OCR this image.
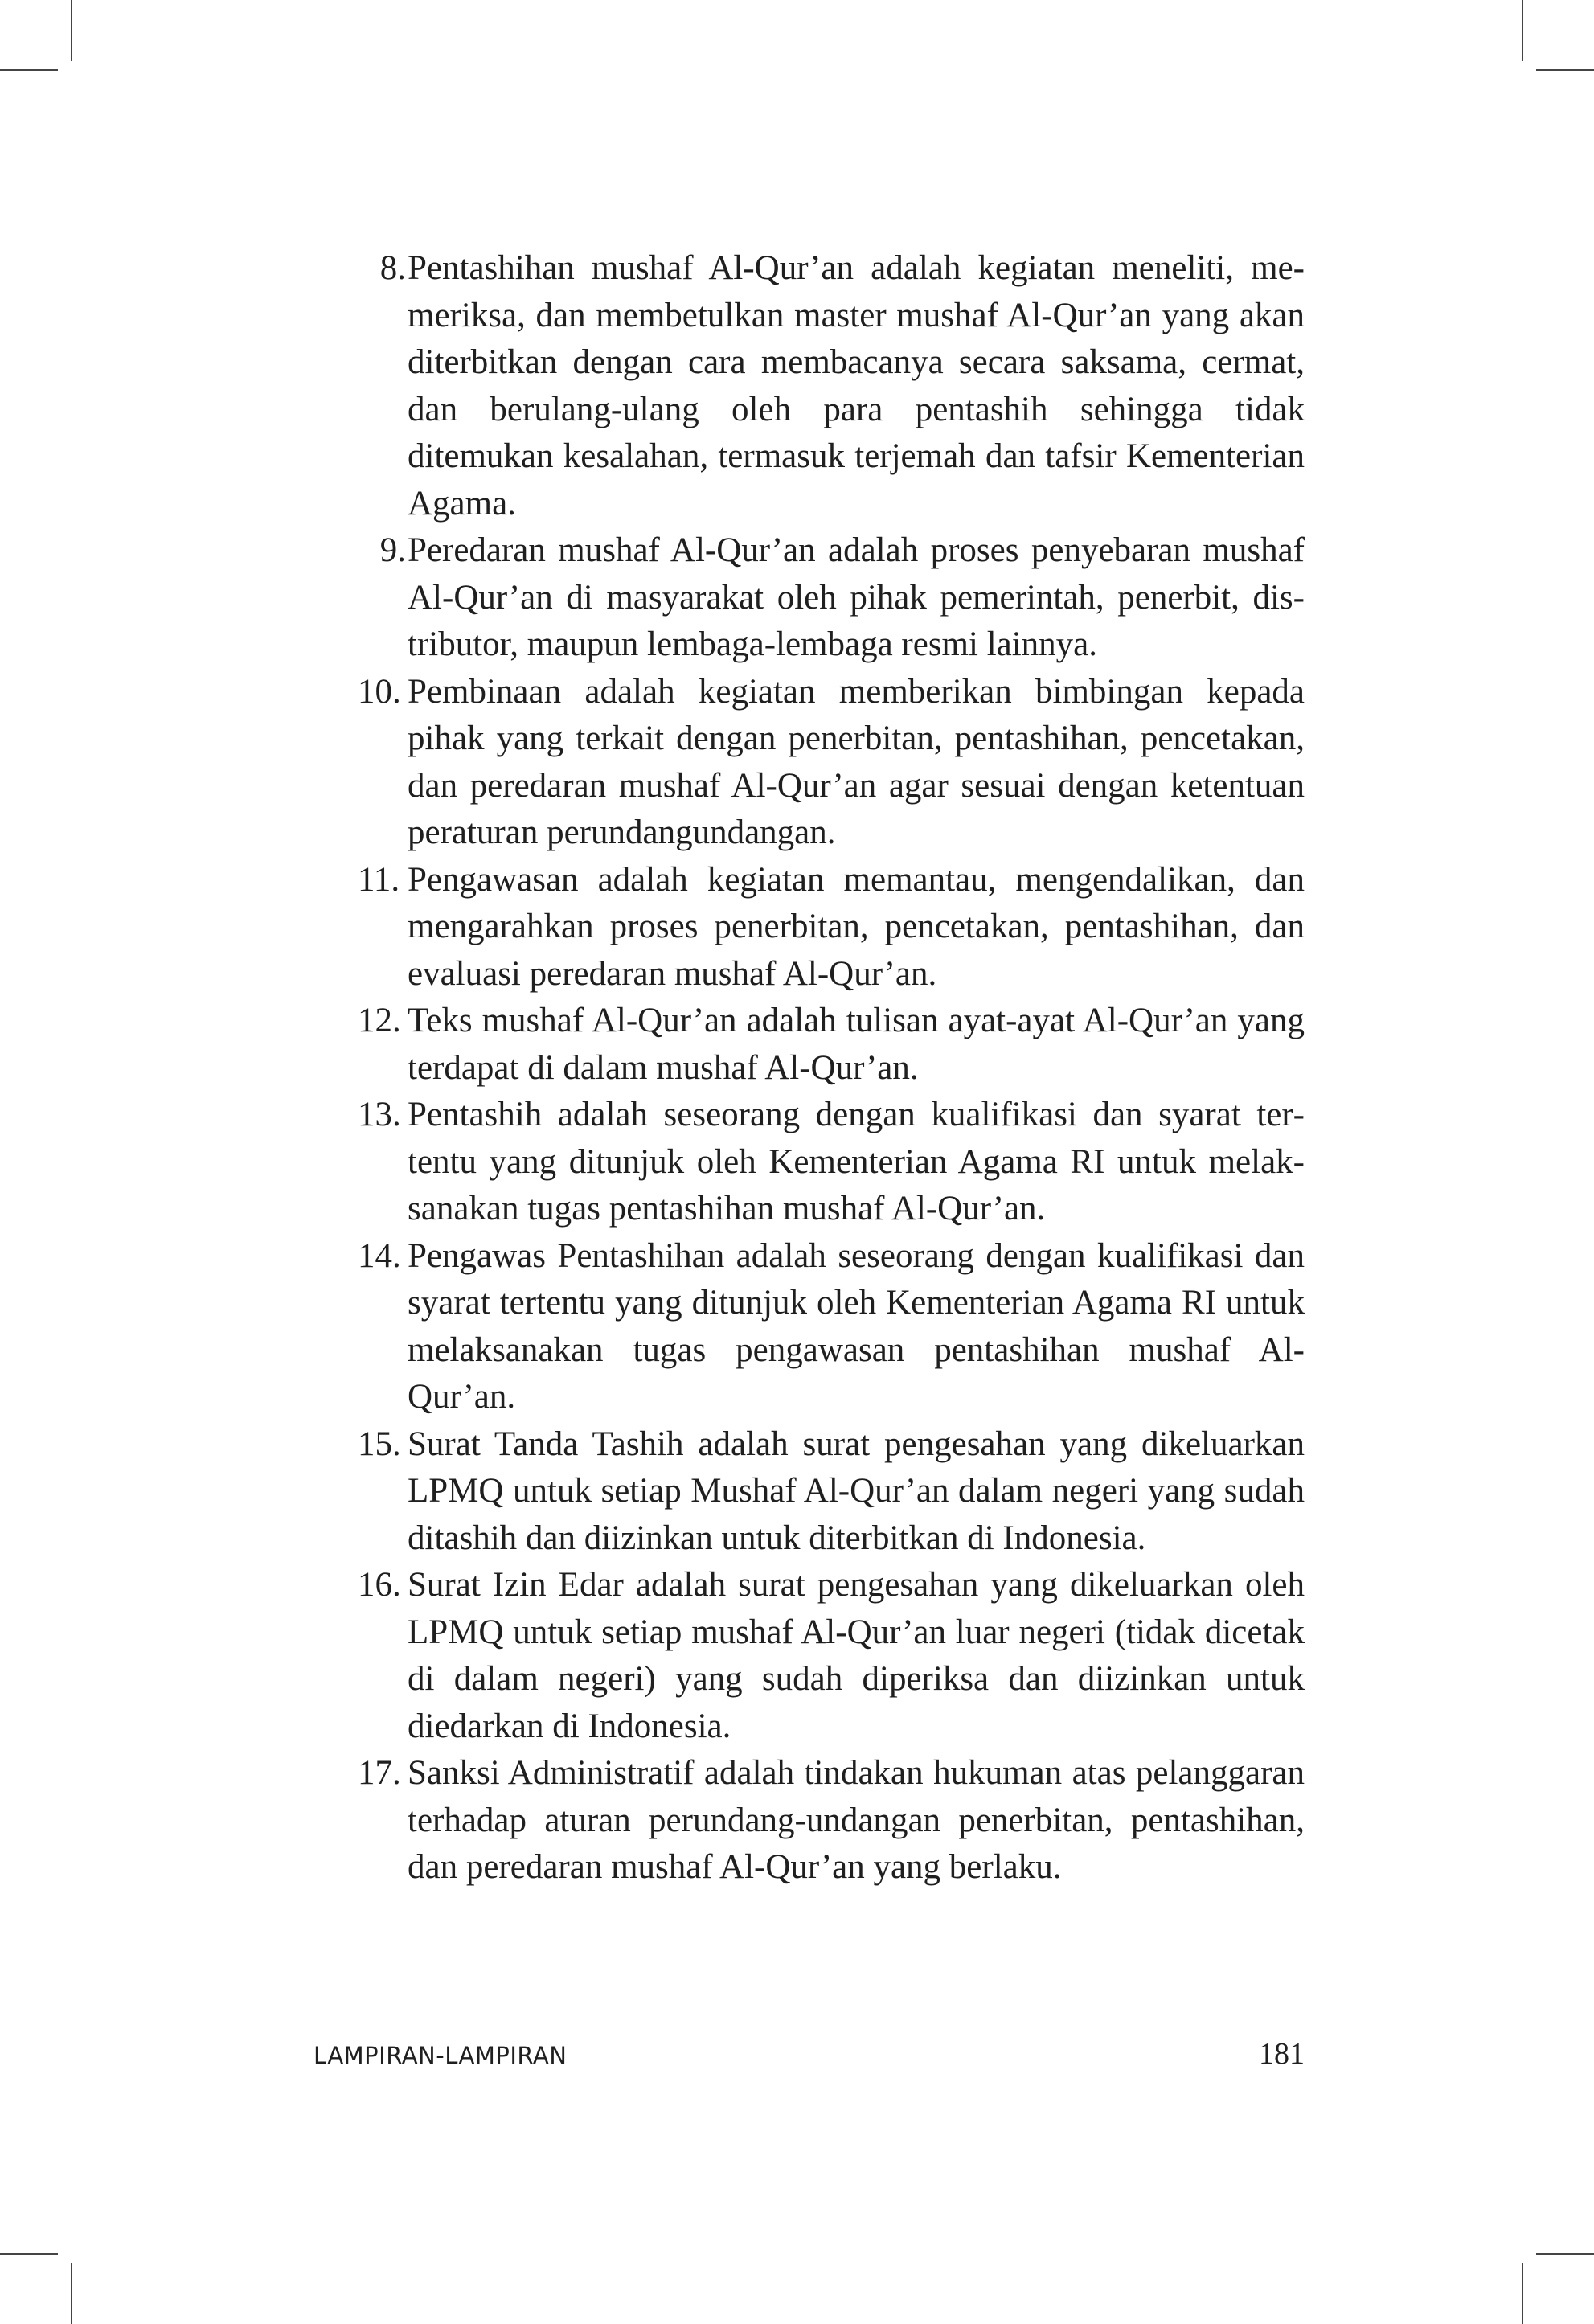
8. Pentashihan mushaf Al-Qur’an adalah kegiatan meneliti, memeriksa, dan membetulkan master mushaf Al-Qur’an yang akan diterbitkan dengan cara membacanya secara saksama, cermat, dan berulang-ulang oleh para pentashih sehingga tidak ditemukan kesalahan, termasuk terjemah dan tafsir Kementerian Agama.
9. Peredaran mushaf Al-Qur’an adalah proses penyebaran mushaf Al-Qur’an di masyarakat oleh pihak pemerintah, penerbit, distributor, maupun lembaga-lembaga resmi lainnya.
10. Pembinaan adalah kegiatan memberikan bimbingan kepada pihak yang terkait dengan penerbitan, pentashihan, pencetakan, dan peredaran mushaf Al-Qur’an agar sesuai dengan ketentuan peraturan perundangundangan.
11. Pengawasan adalah kegiatan memantau, mengendalikan, dan mengarahkan proses penerbitan, pencetakan, pentashihan, dan evaluasi peredaran mushaf Al-Qur’an.
12. Teks mushaf Al-Qur’an adalah tulisan ayat-ayat Al-Qur’an yang terdapat di dalam mushaf Al-Qur’an.
13. Pentashih adalah seseorang dengan kualifikasi dan syarat tertentu yang ditunjuk oleh Kementerian Agama RI untuk melaksanakan tugas pentashihan mushaf Al-Qur’an.
14. Pengawas Pentashihan adalah seseorang dengan kualifikasi dan syarat tertentu yang ditunjuk oleh Kementerian Agama RI untuk melaksanakan tugas pengawasan pentashihan mushaf Al-Qur’an.
15. Surat Tanda Tashih adalah surat pengesahan yang dikeluarkan LPMQ untuk setiap Mushaf Al-Qur’an dalam negeri yang sudah ditashih dan diizinkan untuk diterbitkan di Indonesia.
16. Surat Izin Edar adalah surat pengesahan yang dikeluarkan oleh LPMQ untuk setiap mushaf Al-Qur’an luar negeri (tidak dicetak di dalam negeri) yang sudah diperiksa dan diizinkan untuk diedarkan di Indonesia.
17. Sanksi Administratif adalah tindakan hukuman atas pelanggaran terhadap aturan perundang-undangan penerbitan, pentashihan, dan peredaran mushaf Al-Qur’an yang berlaku.
LAMPIRAN-LAMPIRAN	181
